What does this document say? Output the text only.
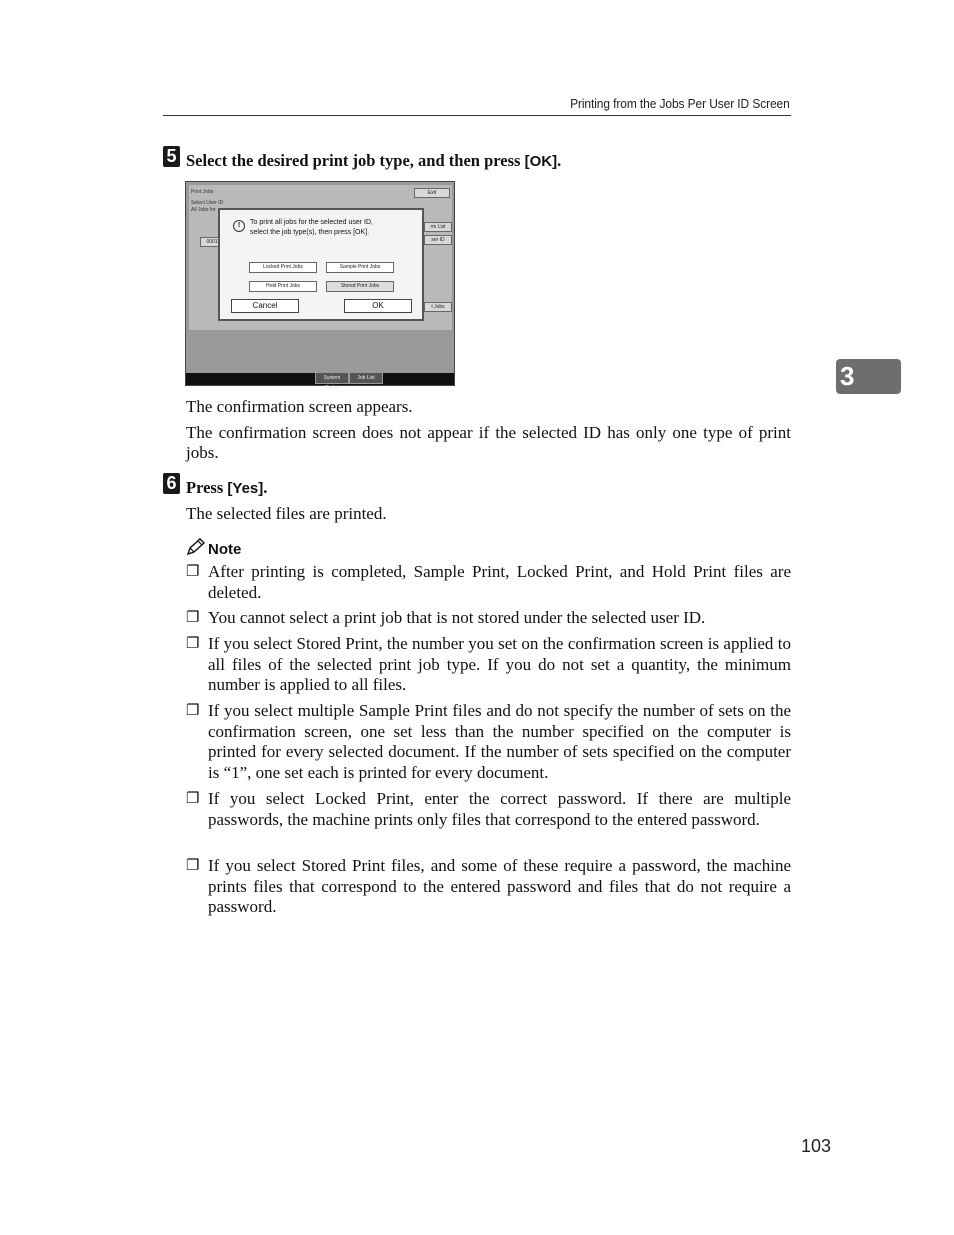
Printing from the Jobs Per User ID Screen
3
5 Select the desired print job type, and then press [OK].
Print Jobs	Exit
Select User ID
All Jobs for
0001
rm List
ser ID
t Jobs
!	To print all jobs for the selected user ID,
select the job type(s), then press [OK].
Locked Print Jobs	Sample Print Jobs
Hold Print Jobs	Stored Print Jobs
Cancel	OK
System Status
Job List
The confirmation screen appears.
The confirmation screen does not appear if the selected ID has only one type of print jobs.
6 Press [Yes].
The selected files are printed.
Note
❐ After printing is completed, Sample Print, Locked Print, and Hold Print files are deleted.
❐ You cannot select a print job that is not stored under the selected user ID.
❐ If you select Stored Print, the number you set on the confirmation screen is applied to all files of the selected print job type. If you do not set a quantity, the minimum number is applied to all files.
❐ If you select multiple Sample Print files and do not specify the number of sets on the confirmation screen, one set less than the number specified on the computer is printed for every selected document. If the number of sets specified on the computer is “1”, one set each is printed for every document.
❐ If you select Locked Print, enter the correct password. If there are multiple passwords, the machine prints only files that correspond to the entered password.
❐ If you select Stored Print files, and some of these require a password, the machine prints files that correspond to the entered password and files that do not require a password.
103
